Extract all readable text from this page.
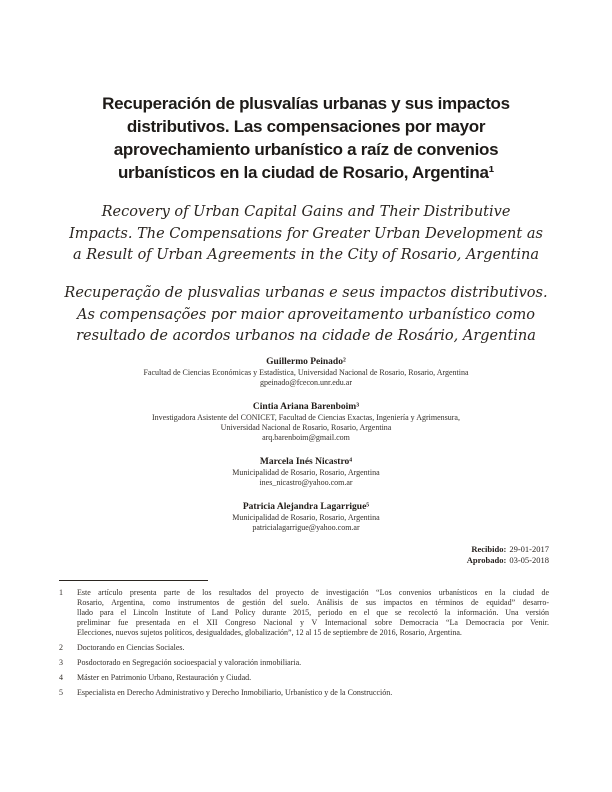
Recuperación de plusvalías urbanas y sus impactos
distributivos. Las compensaciones por mayor
aprovechamiento urbanístico a raíz de convenios
urbanísticos en la ciudad de Rosario, Argentina¹
Recovery of Urban Capital Gains and Their Distributive
Impacts. The Compensations for Greater Urban Development as
a Result of Urban Agreements in the City of Rosario, Argentina
Recuperação de plusvalias urbanas e seus impactos distributivos.
As compensações por maior aproveitamento urbanístico como
resultado de acordos urbanos na cidade de Rosário, Argentina
Guillermo Peinado²
Facultad de Ciencias Económicas y Estadística, Universidad Nacional de Rosario, Rosario, Argentina
gpeinado@fcecon.unr.edu.ar
Cintia Ariana Barenboim³
Investigadora Asistente del CONICET, Facultad de Ciencias Exactas, Ingeniería y Agrimensura,
Universidad Nacional de Rosario, Rosario, Argentina
arq.barenboim@gmail.com
Marcela Inés Nicastro⁴
Municipalidad de Rosario, Rosario, Argentina
ines_nicastro@yahoo.com.ar
Patricia Alejandra Lagarrigue⁵
Municipalidad de Rosario, Rosario, Argentina
patricialagarrigue@yahoo.com.ar
Recibido: 29-01-2017
Aprobado: 03-05-2018
1	Este artículo presenta parte de los resultados del proyecto de investigación “Los convenios urbanísticos en la ciudad de
Rosario, Argentina, como instrumentos de gestión del suelo. Análisis de sus impactos en términos de equidad” desarro-
llado para el Lincoln Institute of Land Policy durante 2015, periodo en el que se recolectó la información. Una versión
preliminar fue presentada en el XII Congreso Nacional y V Internacional sobre Democracia “La Democracia por Venir.
Elecciones, nuevos sujetos políticos, desigualdades, globalización”, 12 al 15 de septiembre de 2016, Rosario, Argentina.
2	Doctorando en Ciencias Sociales.
3	Posdoctorado en Segregación socioespacial y valoración inmobiliaria.
4	Máster en Patrimonio Urbano, Restauración y Ciudad.
5	Especialista en Derecho Administrativo y Derecho Inmobiliario, Urbanístico y de la Construcción.
